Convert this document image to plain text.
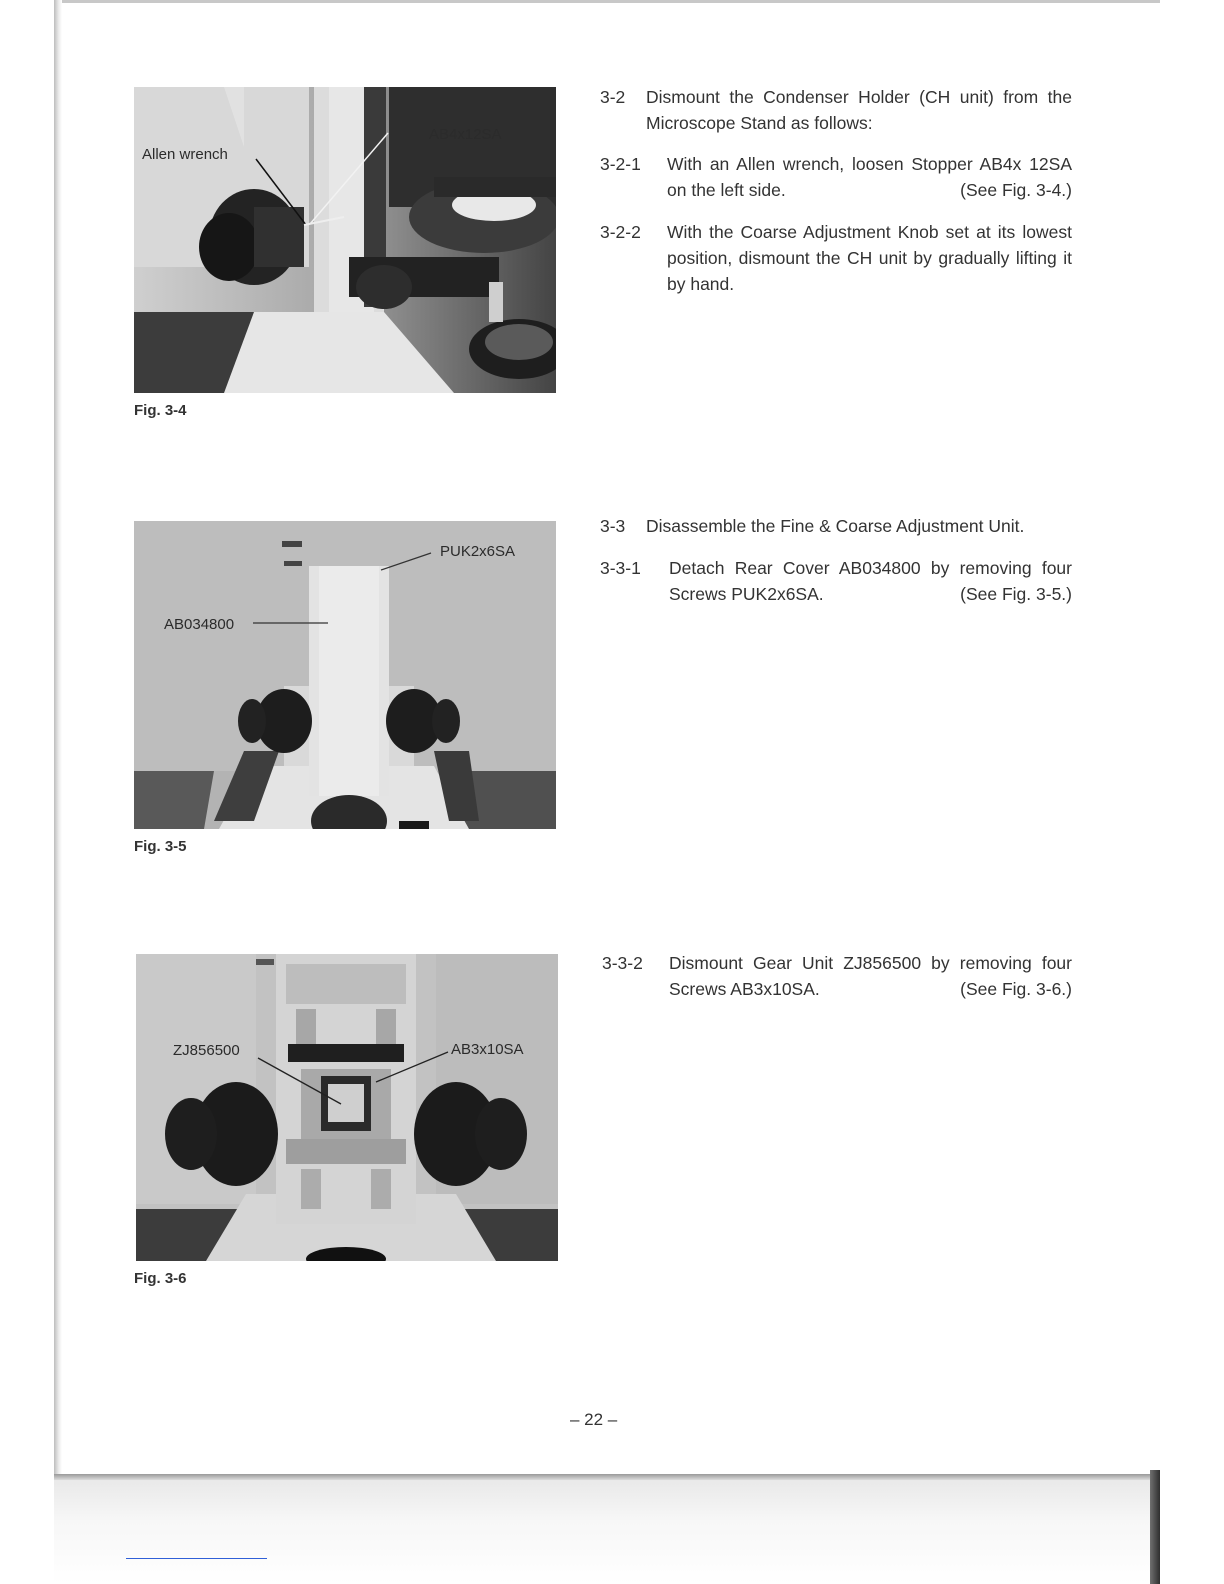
Allen wrench
AB4x12SA
Fig. 3-4
PUK2x6SA
AB034800
Fig. 3-5
ZJ856500	AB3x10SA
Fig. 3-6
3-2 Dismount the Condenser Holder (CH unit) from the Microscope Stand as follows:
3-2-1 With an Allen wrench, loosen Stopper AB4x 12SA on the left side.	(See Fig. 3-4.)
3-2-2 With the Coarse Adjustment Knob set at its lowest position, dismount the CH unit by gradually lifting it by hand.
3-3 Disassemble the Fine & Coarse Adjustment Unit.
3-3-1 Detach Rear Cover AB034800 by removing four Screws PUK2x6SA.	(See Fig. 3-5.)
3-3-2 Dismount Gear Unit ZJ856500 by removing four Screws AB3x10SA.	(See Fig. 3-6.)
– 22 –
